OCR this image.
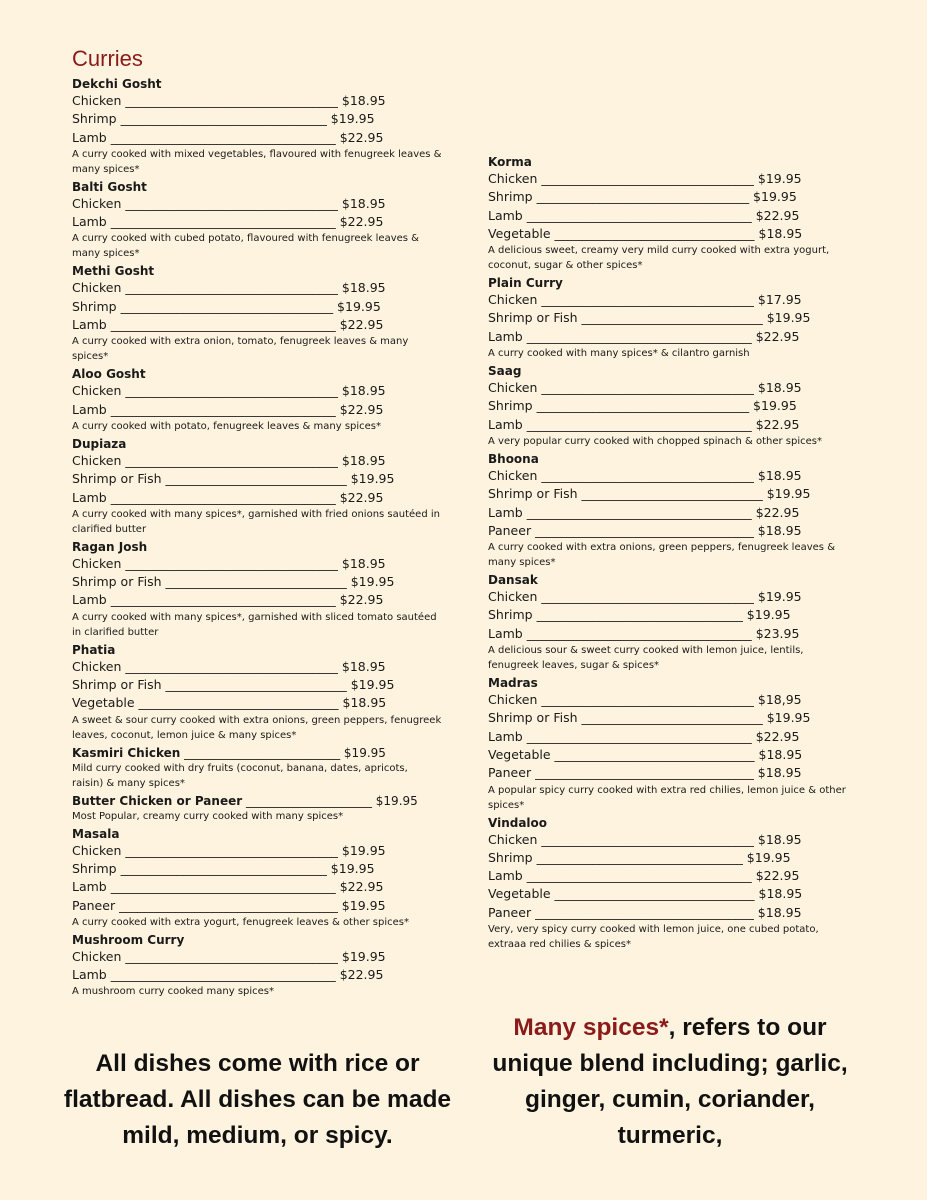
Curries
Dekchi Gosht
Chicken __________________________________ $18.95
Shrimp _________________________________ $19.95
Lamb ____________________________________ $22.95
A curry cooked with mixed vegetables, flavoured with fenugreek leaves & many spices*
Balti Gosht
Chicken __________________________________ $18.95
Lamb ____________________________________ $22.95
A curry cooked with cubed potato, flavoured with fenugreek leaves & many spices*
Methi Gosht
Chicken __________________________________ $18.95
Shrimp __________________________________ $19.95
Lamb ____________________________________ $22.95
A curry cooked with extra onion, tomato, fenugreek leaves & many spices*
Aloo Gosht
Chicken __________________________________ $18.95
Lamb ____________________________________ $22.95
A curry cooked with potato, fenugreek leaves & many spices*
Dupiaza
Chicken __________________________________ $18.95
Shrimp or Fish _____________________________ $19.95
Lamb ____________________________________ $22.95
A curry cooked with many spices*, garnished with fried onions sautéed in clarified butter
Ragan Josh
Chicken __________________________________ $18.95
Shrimp or Fish _____________________________ $19.95
Lamb ____________________________________ $22.95
A curry cooked with many spices*, garnished with sliced tomato sautéed in clarified butter
Phatia
Chicken __________________________________ $18.95
Shrimp or Fish _____________________________ $19.95
Vegetable ________________________________ $18.95
A sweet & sour curry cooked with extra onions, green peppers, fenugreek leaves, coconut, lemon juice & many spices*
Kasmiri Chicken __________________________ $19.95
Mild curry cooked with dry fruits (coconut, banana, dates, apricots, raisin) & many spices*
Butter Chicken or Paneer _____________________ $19.95
Most Popular, creamy curry cooked with many spices*
Masala
Chicken __________________________________ $19.95
Shrimp _________________________________ $19.95
Lamb ____________________________________ $22.95
Paneer ___________________________________ $19.95
A curry cooked with extra yogurt, fenugreek leaves & other spices*
Mushroom Curry
Chicken __________________________________ $19.95
Lamb ____________________________________ $22.95
A mushroom curry cooked many spices*
Korma
Chicken __________________________________ $19.95
Shrimp __________________________________ $19.95
Lamb ____________________________________ $22.95
Vegetable ________________________________ $18.95
A delicious sweet, creamy very mild curry cooked with extra yogurt, coconut, sugar & other spices*
Plain Curry
Chicken __________________________________ $17.95
Shrimp or Fish _____________________________ $19.95
Lamb ____________________________________ $22.95
A curry cooked with many spices* & cilantro garnish
Saag
Chicken __________________________________ $18.95
Shrimp __________________________________ $19.95
Lamb ____________________________________ $22.95
A very popular curry cooked with chopped spinach & other spices*
Bhoona
Chicken __________________________________ $18.95
Shrimp or Fish _____________________________ $19.95
Lamb ____________________________________ $22.95
Paneer ___________________________________ $18.95
A curry cooked with extra onions, green peppers, fenugreek leaves & many spices*
Dansak
Chicken __________________________________ $19.95
Shrimp _________________________________ $19.95
Lamb ____________________________________ $23.95
A delicious sour & sweet curry cooked with lemon juice, lentils, fenugreek leaves, sugar & spices*
Madras
Chicken __________________________________ $18,95
Shrimp or Fish _____________________________ $19.95
Lamb ____________________________________ $22.95
Vegetable ________________________________ $18.95
Paneer ___________________________________ $18.95
A popular spicy curry cooked with extra red chilies, lemon juice & other spices*
Vindaloo
Chicken __________________________________ $18.95
Shrimp _________________________________ $19.95
Lamb ____________________________________ $22.95
Vegetable ________________________________ $18.95
Paneer ___________________________________ $18.95
Very, very spicy curry cooked with lemon juice, one cubed potato, extraaa red chilies & spices*
All dishes come with rice or flatbread. All dishes can be made mild, medium, or spicy.
Many spices*, refers to our unique blend including; garlic, ginger, cumin, coriander, turmeric,
